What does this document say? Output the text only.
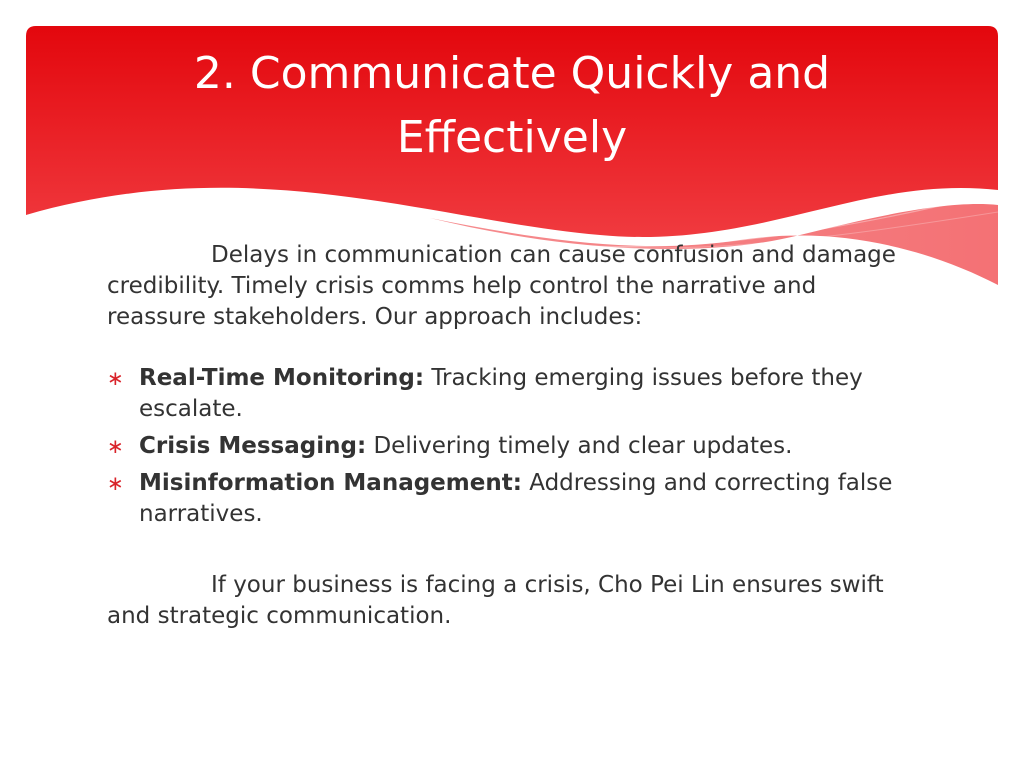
2. Communicate Quickly and Effectively

Delays in communication can cause confusion and damage credibility. Timely crisis comms help control the narrative and reassure stakeholders. Our approach includes:

∗ Real-Time Monitoring: Tracking emerging issues before they escalate.
∗ Crisis Messaging: Delivering timely and clear updates.
∗ Misinformation Management: Addressing and correcting false narratives.

If your business is facing a crisis, Cho Pei Lin ensures swift and strategic communication.
